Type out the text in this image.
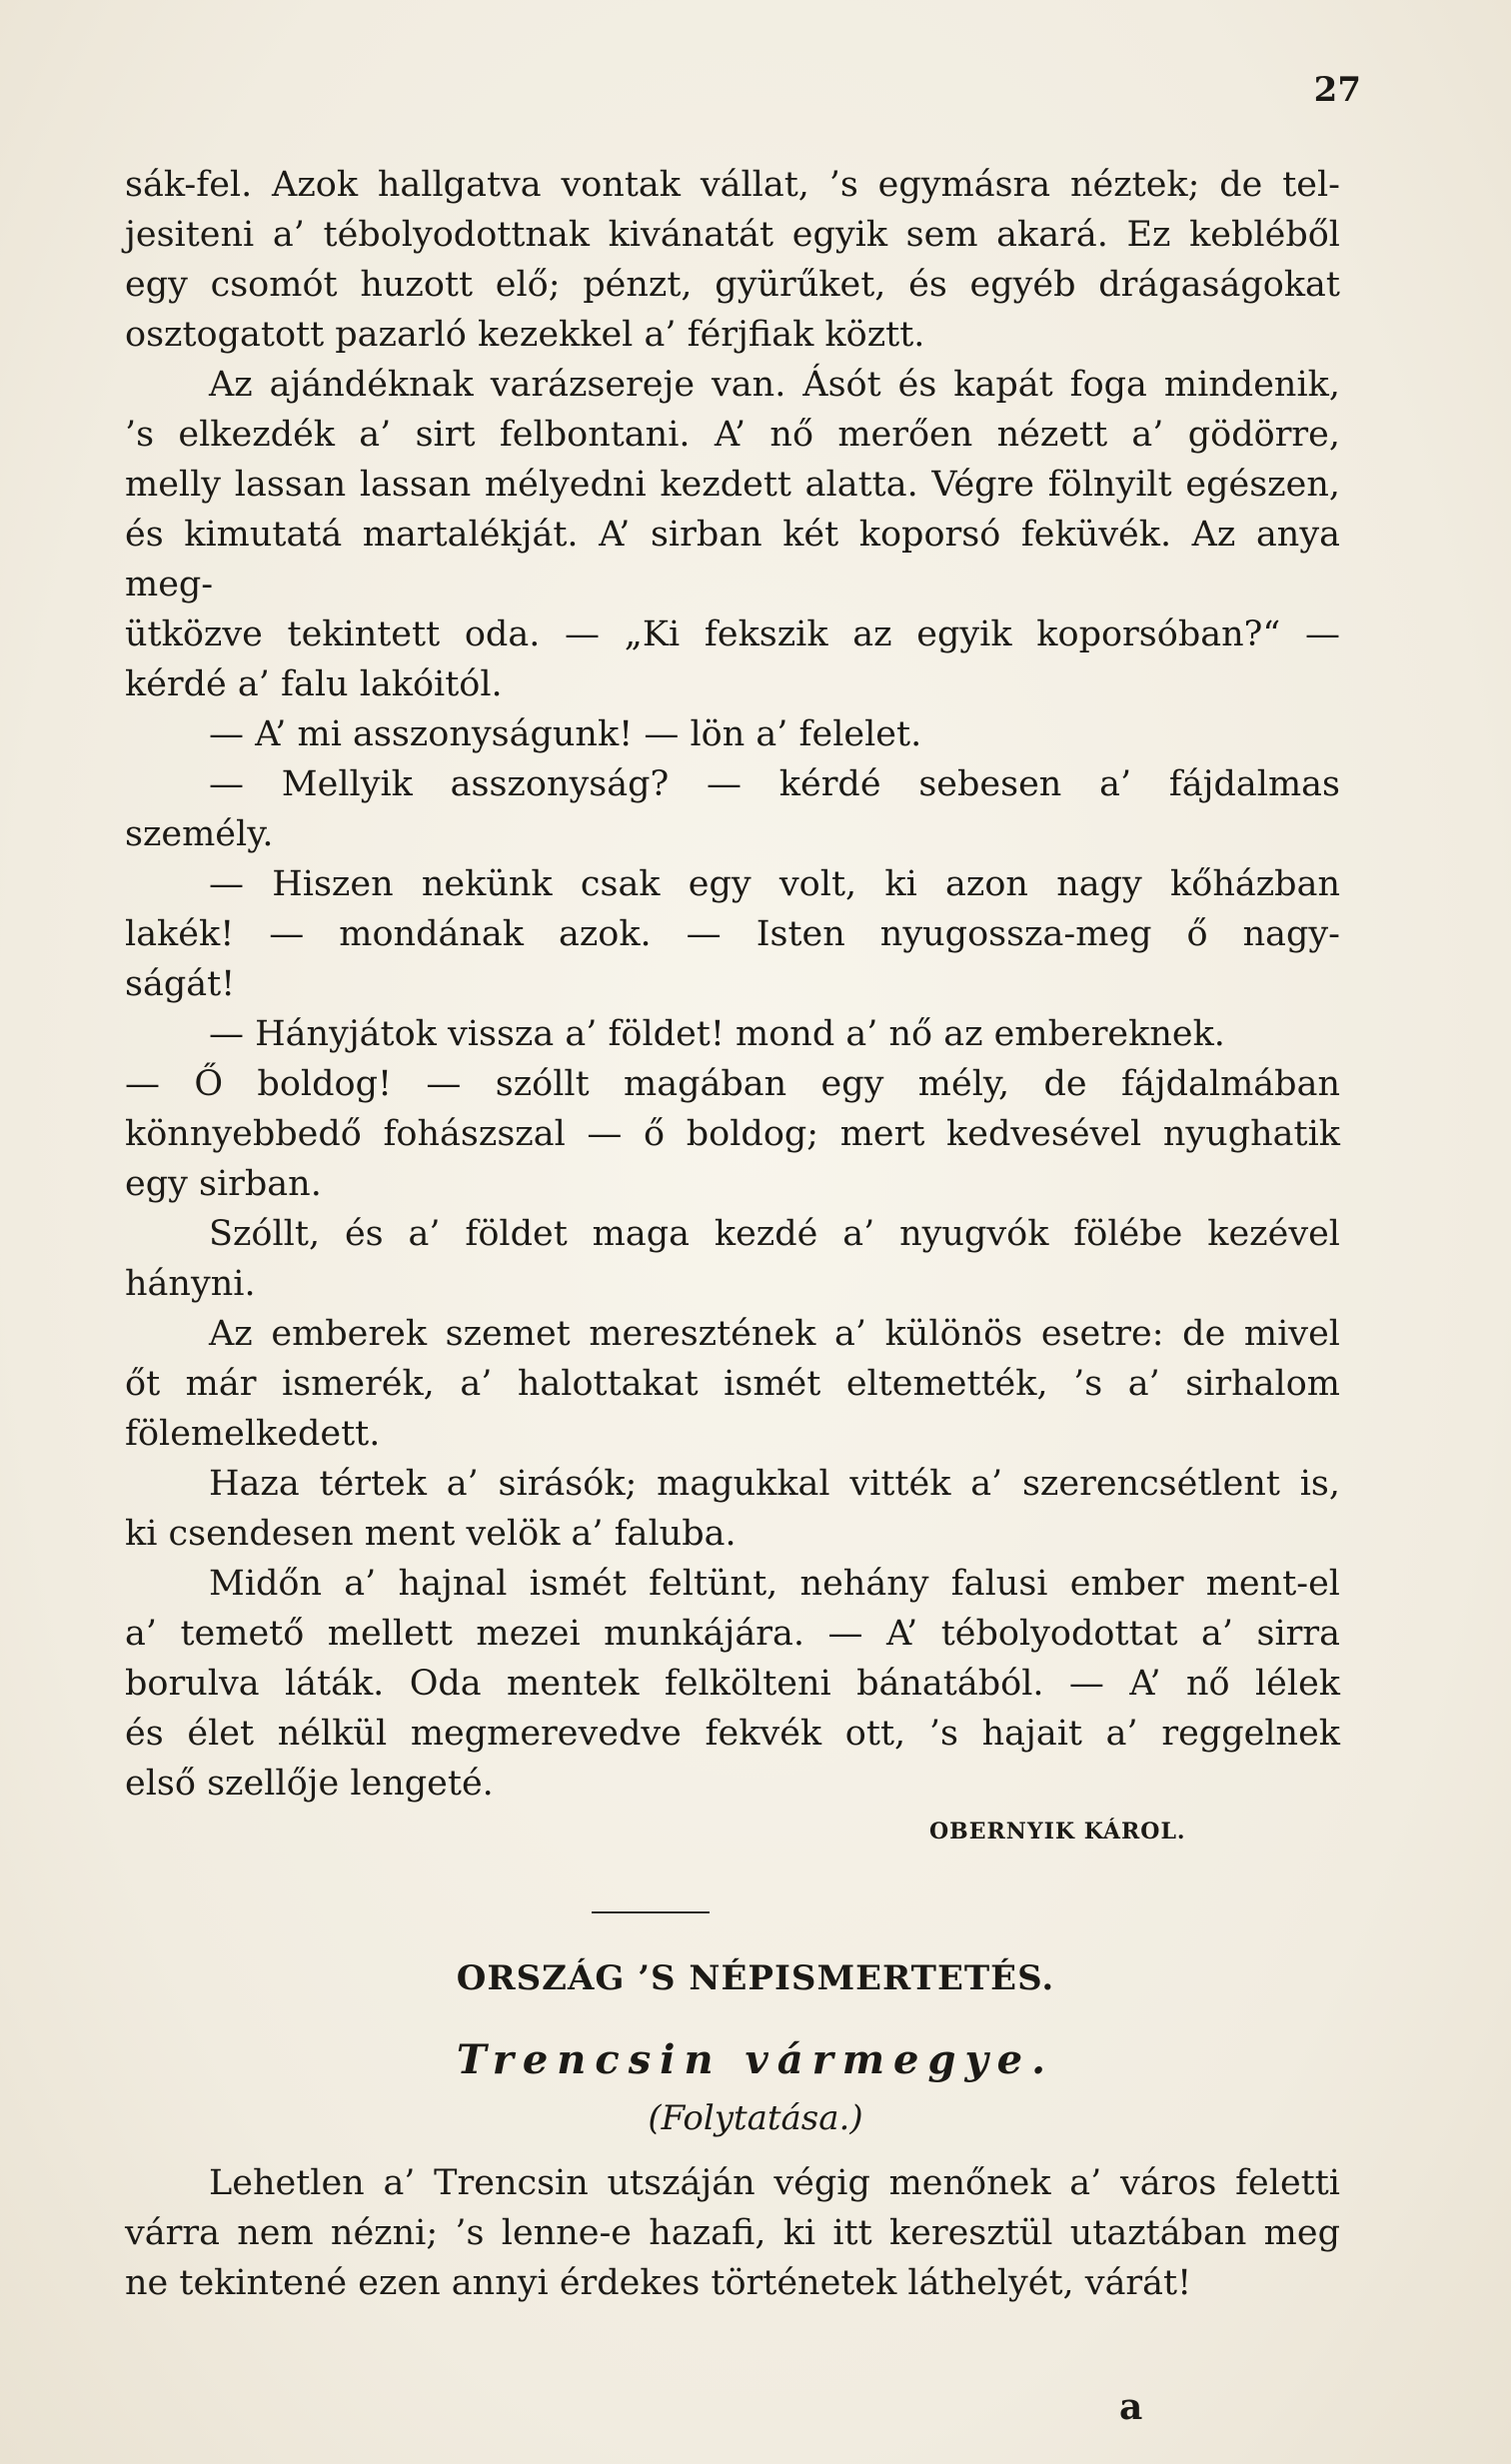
27

sák-fel. Azok hallgatva vontak vállat, ’s egymásra néztek; de tel-

jesiteni a’ tébolyodottnak kivánatát egyik sem akará. Ez kebléből

egy csomót huzott elő; pénzt, gyürűket, és egyéb drágaságokat

osztogatott pazarló kezekkel a’ férjfiak köztt.

Az ajándéknak varázsereje van. Ásót és kapát foga mindenik,

’s elkezdék a’ sirt felbontani. A’ nő merően nézett a’ gödörre,

melly lassan lassan mélyedni kezdett alatta. Végre fölnyilt egészen,

és kimutatá martalékját. A’ sirban két koporsó feküvék. Az anya meg-

ütközve tekintett oda. — „Ki fekszik az egyik koporsóban?“ —

kérdé a’ falu lakóitól.

— A’ mi asszonyságunk! — lön a’ felelet.

— Mellyik asszonyság? — kérdé sebesen a’ fájdalmas

személy.

— Hiszen nekünk csak egy volt, ki azon nagy kőházban

lakék! — mondának azok. — Isten nyugossza-meg ő nagy-

ságát!

— Hányjátok vissza a’ földet! mond a’ nő az embereknek.

— Ő boldog! — szóllt magában egy mély, de fájdalmában

könnyebbedő fohászszal — ő boldog; mert kedvesével nyughatik

egy sirban.

Szóllt, és a’ földet maga kezdé a’ nyugvók fölébe kezével

hányni.

Az emberek szemet meresztének a’ különös esetre: de mivel

őt már ismerék, a’ halottakat ismét eltemették, ’s a’ sirhalom

fölemelkedett.

Haza tértek a’ sirásók; magukkal vitték a’ szerencsétlent is,

ki csendesen ment velök a’ faluba.

Midőn a’ hajnal ismét feltünt, nehány falusi ember ment-el

a’ temető mellett mezei munkájára. — A’ tébolyodottat a’ sirra

borulva láták. Oda mentek felkölteni bánatából. — A’ nő lélek

és élet nélkül megmerevedve fekvék ott, ’s hajait a’ reggelnek

első szellője lengeté.

OBERNYIK KÁROL.
ORSZÁG ’S NÉPISMERTETÉS.
Trencsin vármegye.
(Folytatása.)

Lehetlen a’ Trencsin utszáján végig menőnek a’ város feletti

várra nem nézni; ’s lenne-e hazafi, ki itt keresztül utaztában meg

ne tekintené ezen annyi érdekes történetek láthelyét, várát!

a
